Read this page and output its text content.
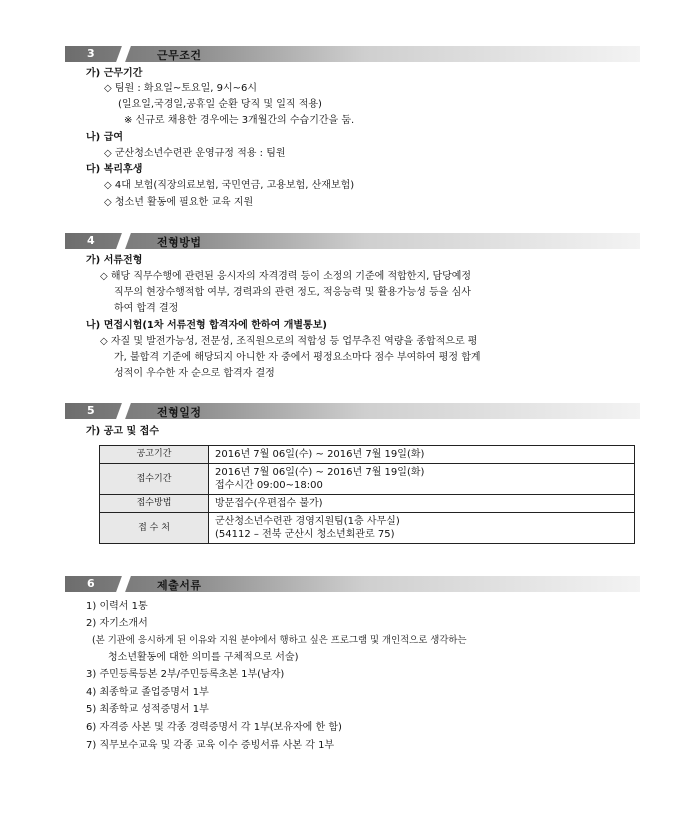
3	근무조건
가) 근무기간
◇ 팀원 : 화요일~토요일, 9시~6시
(일요일,국경일,공휴일 순환 당직 및 일직 적용)
※ 신규로 채용한 경우에는 3개월간의 수습기간을 둠.
나) 급여
◇ 군산청소년수련관 운영규정 적용 : 팀원
다) 복리후생
◇ 4대 보험(직장의료보험, 국민연금, 고용보험, 산재보험)
◇ 청소년 활동에 필요한 교육 지원
4	전형방법
가) 서류전형
◇ 해당 직무수행에 관련된 응시자의 자격경력 등이 소정의 기준에 적합한지, 담당예정
직무의 현장수행적합 여부, 경력과의 관련 정도, 적응능력 및 활용가능성 등을 심사
하여 합격 결정
나) 면접시험(1차 서류전형 합격자에 한하여 개별통보)
◇ 자질 및 발전가능성, 전문성, 조직원으로의 적합성 등 업무추진 역량을 종합적으로 평
가, 불합격 기준에 해당되지 아니한 자 중에서 평정요소마다 점수 부여하여 평정 합계
성적이 우수한 자 순으로 합격자 결정
5	전형일정
가) 공고 및 접수
공고기간	2016년 7월 06일(수) ~ 2016년 7월 19일(화)

접수기간	2016년 7월 06일(수) ~ 2016년 7월 19일(화)
접수시간 09:00~18:00

접수방법	방문접수(우편접수 불가)

접 수 처	군산청소년수련관 경영지원팀(1층 사무실)
(54112 – 전북 군산시 청소년회관로 75)
6	제출서류
1) 이력서 1통
2) 자기소개서
(본 기관에 응시하게 된 이유와 지원 분야에서 행하고 싶은 프로그램 및 개인적으로 생각하는
청소년활동에 대한 의미를 구체적으로 서술)
3) 주민등록등본 2부/주민등록초본 1부(남자)
4) 최종학교 졸업증명서 1부
5) 최종학교 성적증명서 1부
6) 자격증 사본 및 각종 경력증명서 각 1부(보유자에 한 함)
7) 직무보수교육 및 각종 교육 이수 증빙서류 사본 각 1부
